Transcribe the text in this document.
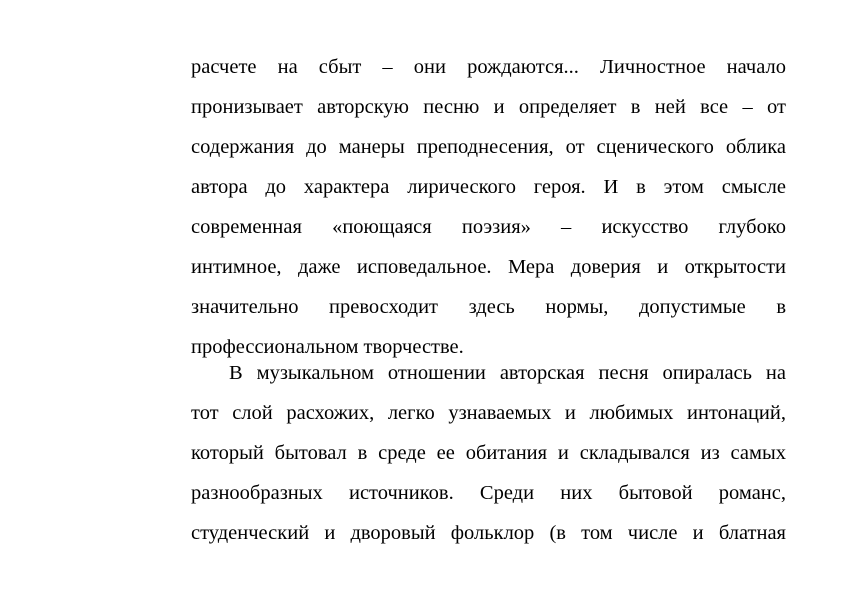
расчете на сбыт – они рождаются... Личностное начало
пронизывает авторскую песню и определяет в ней все – от
содержания до манеры преподнесения, от сценического облика
автора до характера лирического героя. И в этом смысле
современная «поющаяся поэзия» – искусство глубоко
интимное, даже исповедальное. Мера доверия и открытости
значительно превосходит здесь нормы, допустимые в
профессиональном творчестве.
В музыкальном отношении авторская песня опиралась на
тот слой расхожих, легко узнаваемых и любимых интонаций,
который бытовал в среде ее обитания и складывался из самых
разнообразных источников. Среди них бытовой романс,
студенческий и дворовый фольклор (в том числе и блатная
